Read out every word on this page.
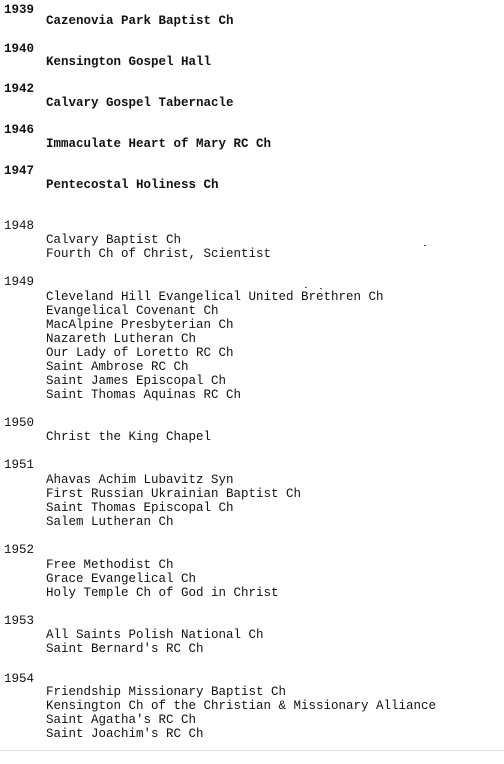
1939
Cazenovia Park Baptist Ch
1940
Kensington Gospel Hall
1942
Calvary Gospel Tabernacle
1946
Immaculate Heart of Mary RC Ch
1947
Pentecostal Holiness Ch
1948
Calvary Baptist Ch
Fourth Ch of Christ, Scientist
1949
Cleveland Hill Evangelical United Brethren Ch
Evangelical Covenant Ch
MacAlpine Presbyterian Ch
Nazareth Lutheran Ch
Our Lady of Loretto RC Ch
Saint Ambrose RC Ch
Saint James Episcopal Ch
Saint Thomas Aquinas RC Ch
1950
Christ the King Chapel
1951
Ahavas Achim Lubavitz Syn
First Russian Ukrainian Baptist Ch
Saint Thomas Episcopal Ch
Salem Lutheran Ch
1952
Free Methodist Ch
Grace Evangelical Ch
Holy Temple Ch of God in Christ
1953
All Saints Polish National Ch
Saint Bernard's RC Ch
1954
Friendship Missionary Baptist Ch
Kensington Ch of the Christian & Missionary Alliance
Saint Agatha's RC Ch
Saint Joachim's RC Ch
